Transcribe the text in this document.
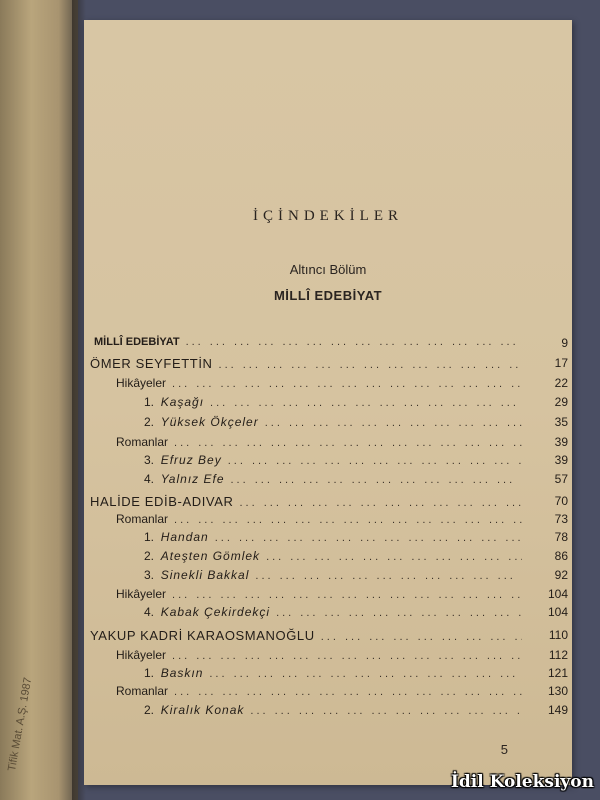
Tifik Mat. A.Ş. 1987
İÇİNDEKİLER
Altıncı Bölüm
MİLLÎ EDEBİYAT
MİLLÎ EDEBİYAT ... .	9
ÖMER SEYFETTİN ... .	17
Hikâyeler ... .	22
1.  Kaşağı ... .	29
2.  Yüksek Ökçeler ... .	35
Romanlar ... .	39
3.  Efruz Bey ... .	39
4.  Yalnız Efe ... .	57
HALİDE EDİB-ADIVAR ... .	70
Romanlar ... .	73
1.  Handan ... .	78
2.  Ateşten Gömlek ... .	86
3.  Sinekli Bakkal ... .	92
Hikâyeler ... .	104
4.  Kabak Çekirdekçi ... .	104
YAKUP KADRİ KARAOSMANOĞLU ... .	110
Hikâyeler ... .	112
1.  Baskın ... .	121
Romanlar ... .	130
2.  Kiralık Konak ... .	149
5
İdil Koleksiyon
